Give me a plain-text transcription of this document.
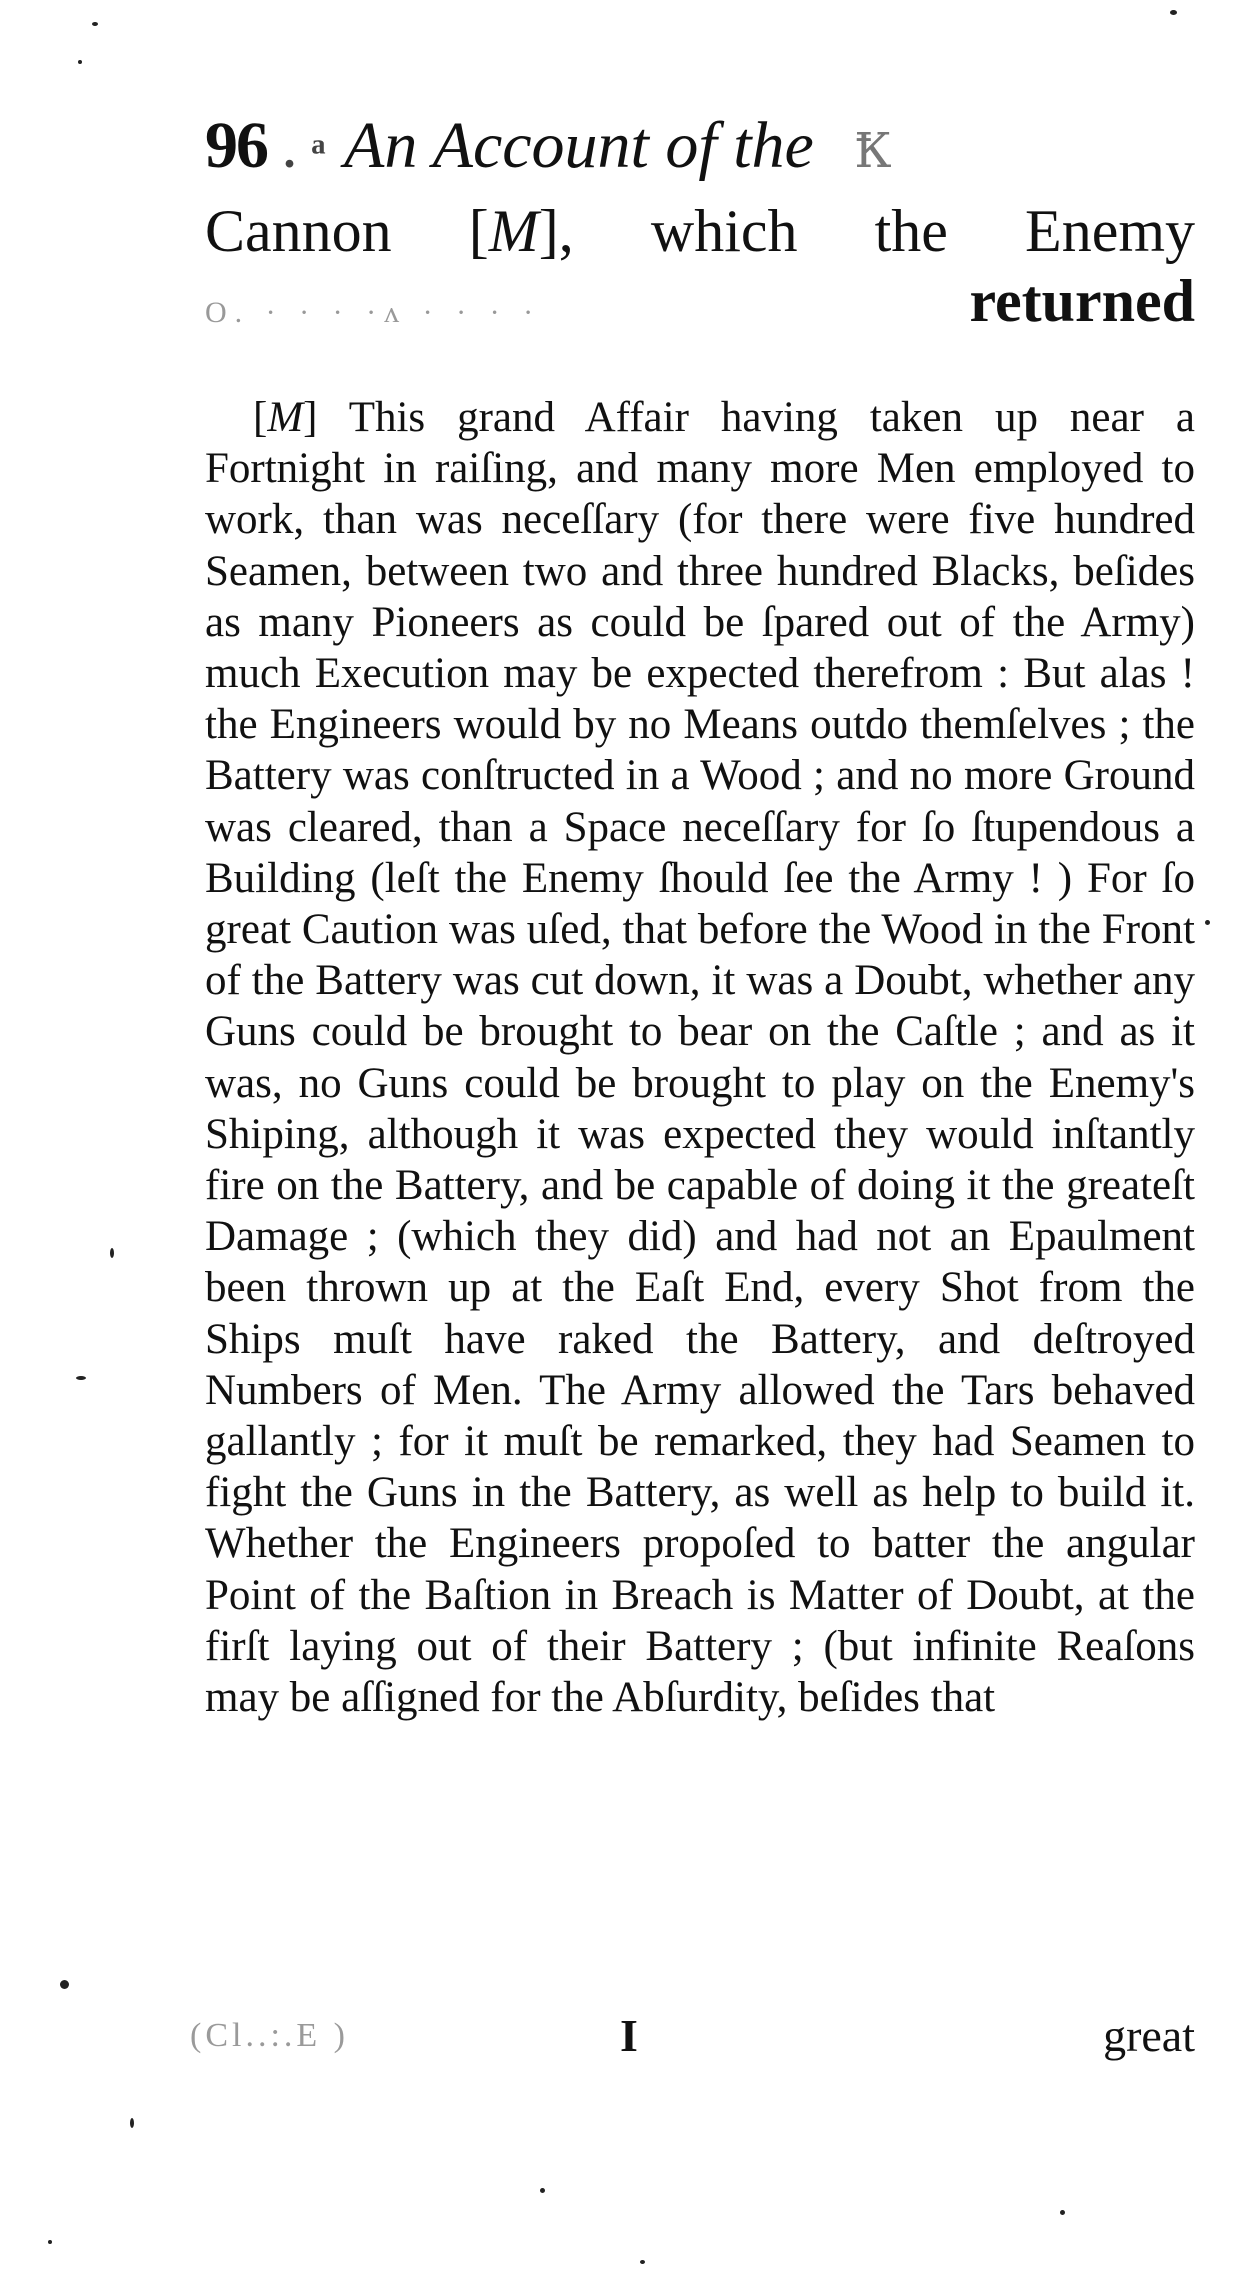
96 . ᵃ An Account of the Ꝁ
Cannon [M], which the Enemy
O. · · · ·ʌ · · · ·	returned
[M] This grand Affair having taken up near a Fortnight in raiſing, and many more Men employed to work, than was neceſſary (for there were five hundred Seamen, between two and three hundred Blacks, beſides as many Pioneers as could be ſpared out of the Army) much Execution may be expected therefrom : But alas ! the Engineers would by no Means outdo themſelves ; the Battery was conſtructed in a Wood ; and no more Ground was cleared, than a Space neceſſary for ſo ſtupendous a Building (leſt the Enemy ſhould ſee the Army ! ) For ſo great Caution was uſed, that before the Wood in the Front of the Battery was cut down, it was a Doubt, whether any Guns could be brought to bear on the Caſtle ; and as it was, no Guns could be brought to play on the Enemy's Shiping, although it was expected they would inſtantly fire on the Battery, and be capable of doing it the greateſt Damage ; (which they did) and had not an Epaulment been thrown up at the Eaſt End, every Shot from the Ships muſt have raked the Battery, and deſtroyed Numbers of Men. The Army allowed the Tars behaved gallantly ; for it muſt be remarked, they had Seamen to fight the Guns in the Battery, as well as help to build it. Whether the Engineers propoſed to batter the angular Point of the Baſtion in Breach is Matter of Doubt, at the firſt laying out of their Battery ; (but infinite Reaſons may be aſſigned for the Abſurdity, beſides that
(Cl..:.E )	I	great
